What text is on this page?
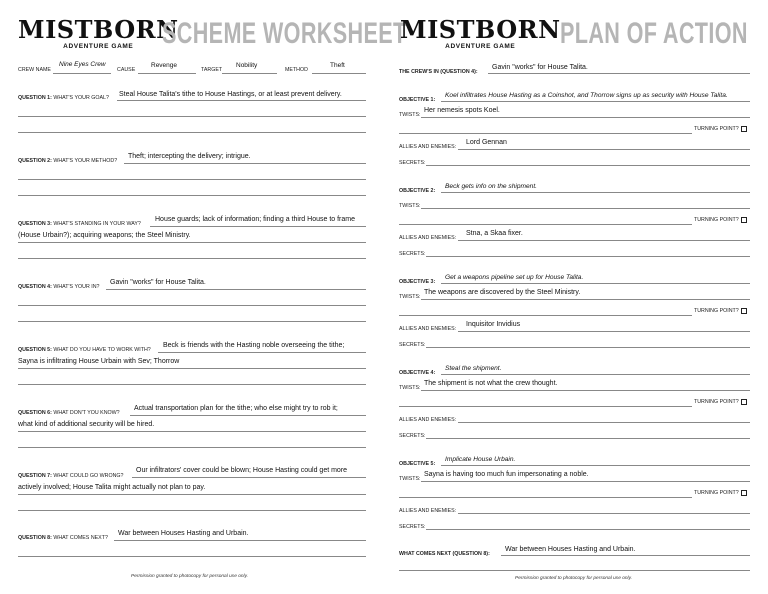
MISTBORN
ADVENTURE GAME SCHEME WORKSHEET
CREW NAME
Nine Eyes Crew
CAUSE
Revenge
TARGET
Nobility
METHOD
Theft
QUESTION 1: WHAT'S YOUR GOAL? Steal House Talita's tithe to House Hastings, or at least prevent delivery.
QUESTION 2: WHAT'S YOUR METHOD?
Theft; intercepting the delivery; intrigue.
QUESTION 3: WHAT'S STANDING IN YOUR WAY?
House guards; lack of information; finding a third House to frame
(House Urbain?); acquiring weapons; the Steel Ministry.
QUESTION 4: WHAT'S YOUR IN?
Gavin "works" for House Talita.
QUESTION 5: WHAT DO YOU HAVE TO WORK WITH?
Beck is friends with the Hasting noble overseeing the tithe;
Sayna is infiltrating House Urbain with Sev; Thorrow
QUESTION 6: WHAT DON'T YOU KNOW?
Actual transportation plan for the tithe; who else might try to rob it;
what kind of additional security will be hired.
QUESTION 7: WHAT COULD GO WRONG?
Our infiltrators' cover could be blown; House Hasting could get more
actively involved; House Talita might actually not plan to pay.
QUESTION 8: WHAT COMES NEXT?
War between Houses Hasting and Urbain.
Permission granted to photocopy for personal use only.
MISTBORN
ADVENTURE GAME	PLAN OF ACTION
THE CREW'S IN (QUESTION 4):
Gavin "works" for House Talita.
OBJECTIVE 1:
Koel infiltrates House Hasting as a Coinshot, and Thorrow signs up as security with House Talita.
TWISTS:
Her nemesis spots Koel.
TURNING POINT?
ALLIES AND ENEMIES:
Lord Gennan
SECRETS:
OBJECTIVE 2:
Beck gets info on the shipment.
TWISTS:
TURNING POINT?
ALLIES AND ENEMIES:
Stna, a Skaa fixer.
SECRETS:
OBJECTIVE 3:
Get a weapons pipeline set up for House Talita.
TWISTS:
The weapons are discovered by the Steel Ministry.
TURNING POINT?
ALLIES AND ENEMIES:
Inquisitor Invidius
SECRETS:
OBJECTIVE 4:
Steal the shipment.
TWISTS:
The shipment is not what the crew thought.
TURNING POINT?
ALLIES AND ENEMIES:
SECRETS:
OBJECTIVE 5:
Implicate House Urbain.
TWISTS:
Sayna is having too much fun impersonating a noble.
TURNING POINT?
ALLIES AND ENEMIES:
SECRETS:
WHAT COMES NEXT (QUESTION 8):
War between Houses Hasting and Urbain.
Permission granted to photocopy for personal use only.
